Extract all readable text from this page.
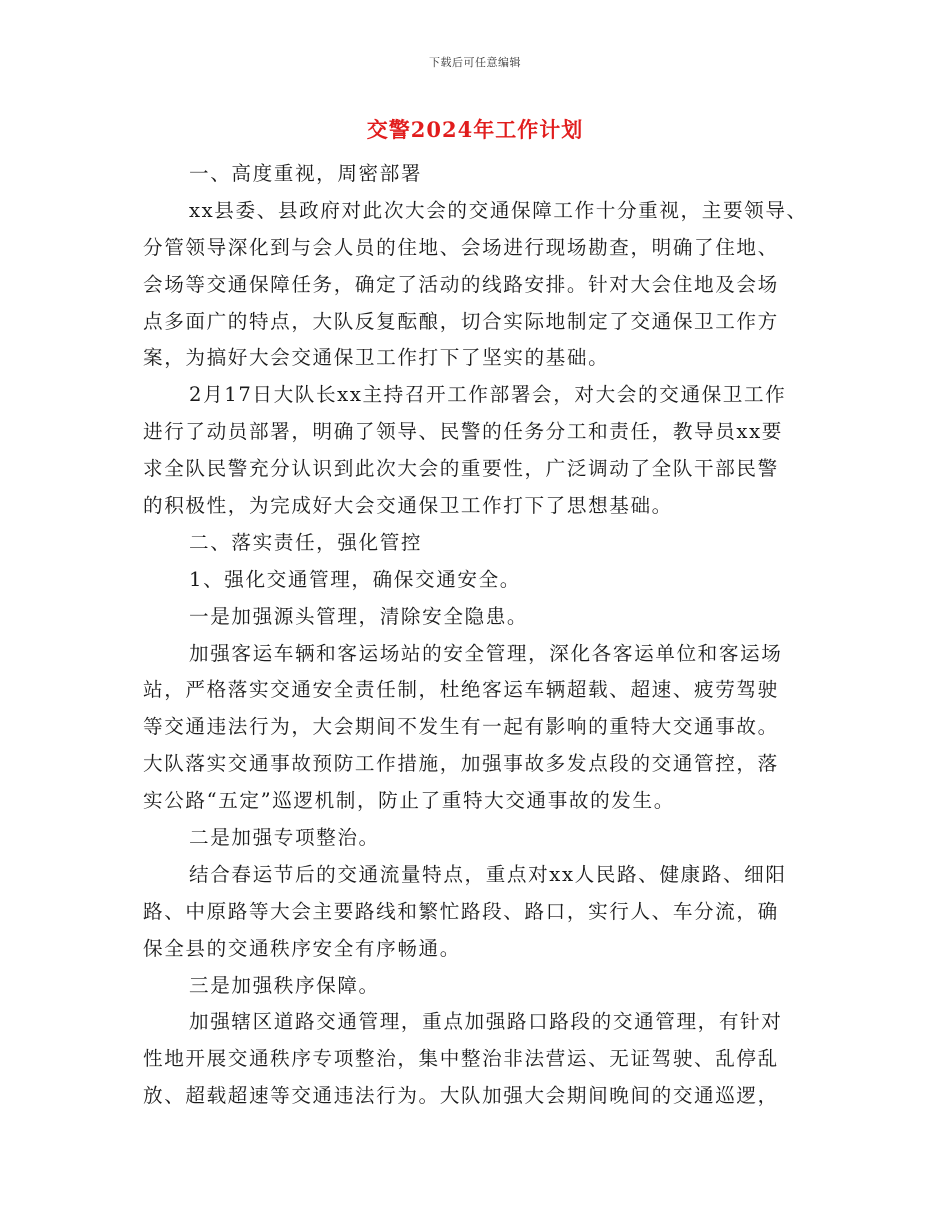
下载后可任意编辑
交警2024年工作计划
一、高度重视，周密部署
xx县委、县政府对此次大会的交通保障工作十分重视，主要领导、
分管领导深化到与会人员的住地、会场进行现场勘查，明确了住地、
会场等交通保障任务，确定了活动的线路安排。针对大会住地及会场
点多面广的特点，大队反复酝酿，切合实际地制定了交通保卫工作方
案，为搞好大会交通保卫工作打下了坚实的基础。
2月17日大队长xx主持召开工作部署会，对大会的交通保卫工作
进行了动员部署，明确了领导、民警的任务分工和责任，教导员xx要
求全队民警充分认识到此次大会的重要性，广泛调动了全队干部民警
的积极性，为完成好大会交通保卫工作打下了思想基础。
二、落实责任，强化管控
1、强化交通管理，确保交通安全。
一是加强源头管理，清除安全隐患。
加强客运车辆和客运场站的安全管理，深化各客运单位和客运场
站，严格落实交通安全责任制，杜绝客运车辆超载、超速、疲劳驾驶
等交通违法行为，大会期间不发生有一起有影响的重特大交通事故。
大队落实交通事故预防工作措施，加强事故多发点段的交通管控，落
实公路“五定”巡逻机制，防止了重特大交通事故的发生。
二是加强专项整治。
结合春运节后的交通流量特点，重点对xx人民路、健康路、细阳
路、中原路等大会主要路线和繁忙路段、路口，实行人、车分流，确
保全县的交通秩序安全有序畅通。
三是加强秩序保障。
加强辖区道路交通管理，重点加强路口路段的交通管理，有针对
性地开展交通秩序专项整治，集中整治非法营运、无证驾驶、乱停乱
放、超载超速等交通违法行为。大队加强大会期间晚间的交通巡逻，
